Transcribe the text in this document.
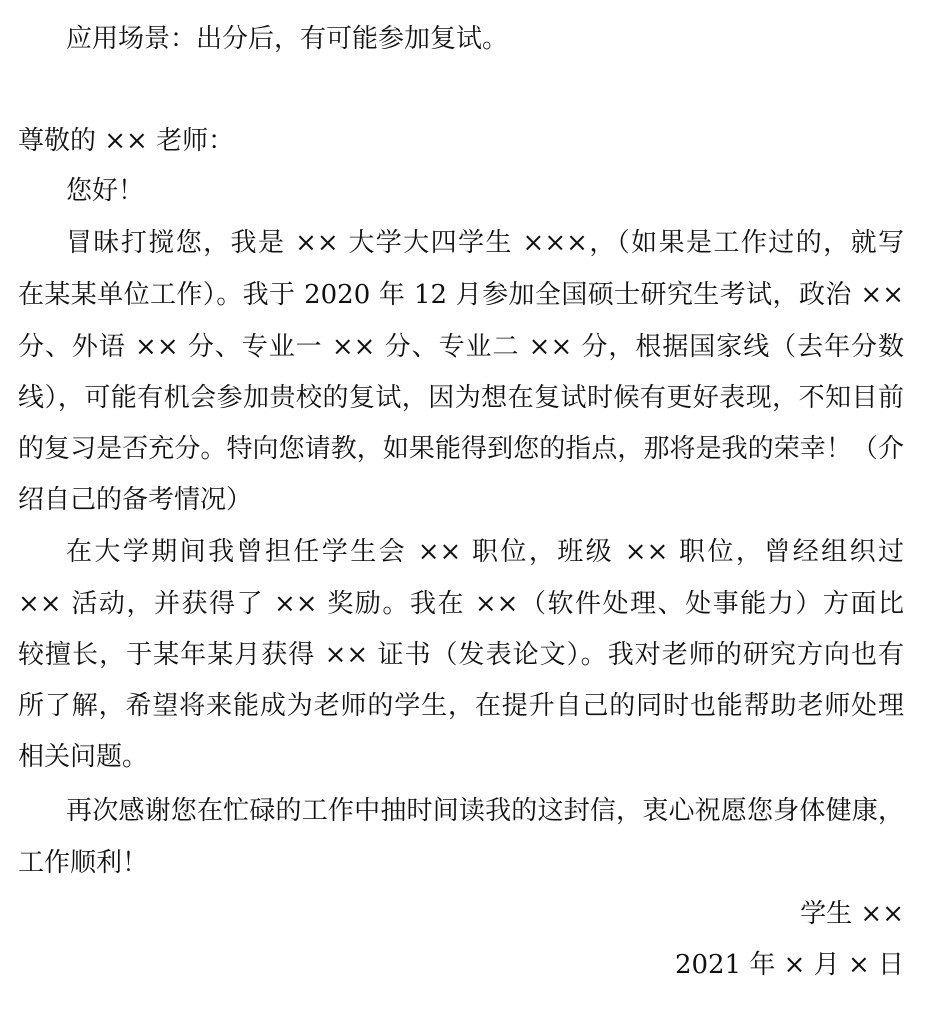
应用场景：出分后，有可能参加复试。
尊敬的 ×× 老师：
您好！
冒昧打搅您，我是 ×× 大学大四学生 ×××，（如果是工作过的，就写
在某某单位工作）。我于 2020 年 12 月参加全国硕士研究生考试，政治 ××
分、外语 ×× 分、专业一 ×× 分、专业二 ×× 分，根据国家线（去年分数
线），可能有机会参加贵校的复试，因为想在复试时候有更好表现，不知目前
的复习是否充分。特向您请教，如果能得到您的指点，那将是我的荣幸！（介
绍自己的备考情况）
在大学期间我曾担任学生会 ×× 职位，班级 ×× 职位，曾经组织过
×× 活动，并获得了 ×× 奖励。我在 ××（软件处理、处事能力）方面比
较擅长，于某年某月获得 ×× 证书（发表论文）。我对老师的研究方向也有
所了解，希望将来能成为老师的学生，在提升自己的同时也能帮助老师处理
相关问题。
再次感谢您在忙碌的工作中抽时间读我的这封信，衷心祝愿您身体健康，
工作顺利！
学生 ××
2021 年 × 月 × 日
